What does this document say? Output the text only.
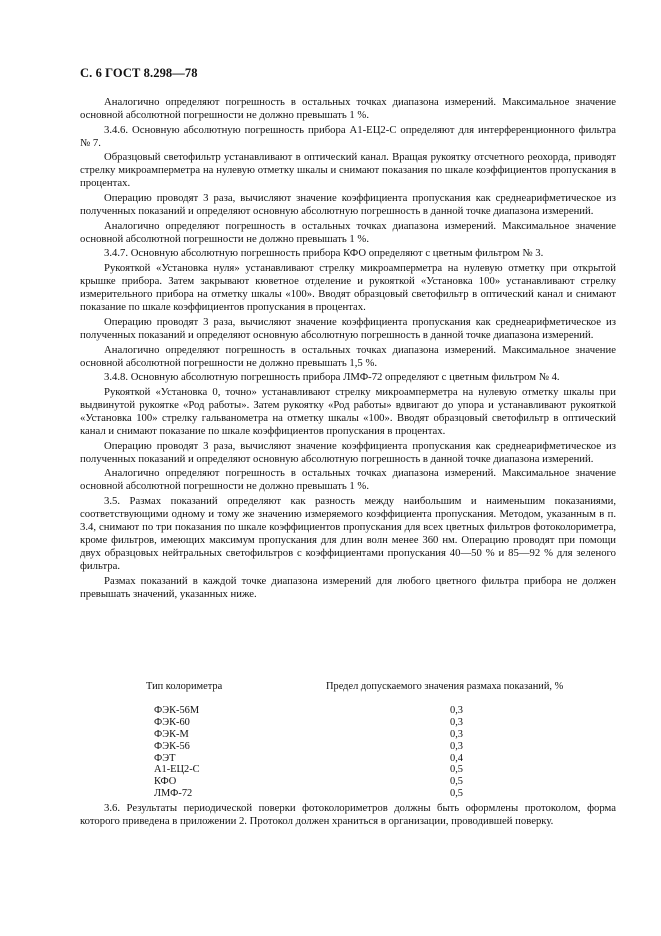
С. 6 ГОСТ 8.298—78

Аналогично определяют погрешность в остальных точках диапазона измерений. Максимальное значение основной абсолютной погрешности не должно превышать 1 %.

3.4.6. Основную абсолютную погрешность прибора А1-ЕЦ2-С определяют для интерференционного фильтра № 7.

Образцовый светофильтр устанавливают в оптический канал. Вращая рукоятку отсчетного реохорда, приводят стрелку микроамперметра на нулевую отметку шкалы и снимают показания по шкале коэффициентов пропускания в процентах.

Операцию проводят 3 раза, вычисляют значение коэффициента пропускания как среднеарифметическое из полученных показаний и определяют основную абсолютную погрешность в данной точке диапазона измерений.

Аналогично определяют погрешность в остальных точках диапазона измерений. Максимальное значение основной абсолютной погрешности не должно превышать 1 %.

3.4.7. Основную абсолютную погрешность прибора КФО определяют с цветным фильтром № 3.

Рукояткой «Установка нуля» устанавливают стрелку микроамперметра на нулевую отметку при открытой крышке прибора. Затем закрывают кюветное отделение и рукояткой «Установка 100» устанавливают стрелку измерительного прибора на отметку шкалы «100». Вводят образцовый светофильтр в оптический канал и снимают показание по шкале коэффициентов пропускания в процентах.

Операцию проводят 3 раза, вычисляют значение коэффициента пропускания как среднеарифметическое из полученных показаний и определяют основную абсолютную погрешность в данной точке диапазона измерений.

Аналогично определяют погрешность в остальных точках диапазона измерений. Максимальное значение основной абсолютной погрешности не должно превышать 1,5 %.

3.4.8. Основную абсолютную погрешность прибора ЛМФ-72 определяют с цветным фильтром № 4.

Рукояткой «Установка 0, точно» устанавливают стрелку микроамперметра на нулевую отметку шкалы при выдвинутой рукоятке «Род работы». Затем рукоятку «Род работы» вдвигают до упора и устанавливают рукояткой «Установка 100» стрелку гальванометра на отметку шкалы «100». Вводят образцовый светофильтр в оптический канал и снимают показание по шкале коэффициентов пропускания в процентах.

Операцию проводят 3 раза, вычисляют значение коэффициента пропускания как среднеарифметическое из полученных показаний и определяют основную абсолютную погрешность в данной точке диапазона измерений.

Аналогично определяют погрешность в остальных точках диапазона измерений. Максимальное значение основной абсолютной погрешности не должно превышать 1 %.

3.5. Размах показаний определяют как разность между наибольшим и наименьшим показаниями, соответствующими одному и тому же значению измеряемого коэффициента пропускания. Методом, указанным в п. 3.4, снимают по три показания по шкале коэффициентов пропускания для всех цветных фильтров фотоколориметра, кроме фильтров, имеющих максимум пропускания для длин волн менее 360 нм. Операцию проводят при помощи двух образцовых нейтральных светофильтров с коэффициентами пропускания 40—50 % и 85—92 % для зеленого фильтра.

Размах показаний в каждой точке диапазона измерений для любого цветного фильтра прибора не должен превышать значений, указанных ниже.

Тип колориметра	Предел допускаемого значения размаха показаний, %
ФЭК-56М	0,3
ФЭК-60	0,3
ФЭК-М	0,3
ФЭК-56	0,3
ФЭТ	0,4
А1-ЕЦ2-С	0,5
КФО	0,5
ЛМФ-72	0,5

3.6. Результаты периодической поверки фотоколориметров должны быть оформлены протоколом, форма которого приведена в приложении 2. Протокол должен храниться в организации, проводившей поверку.
